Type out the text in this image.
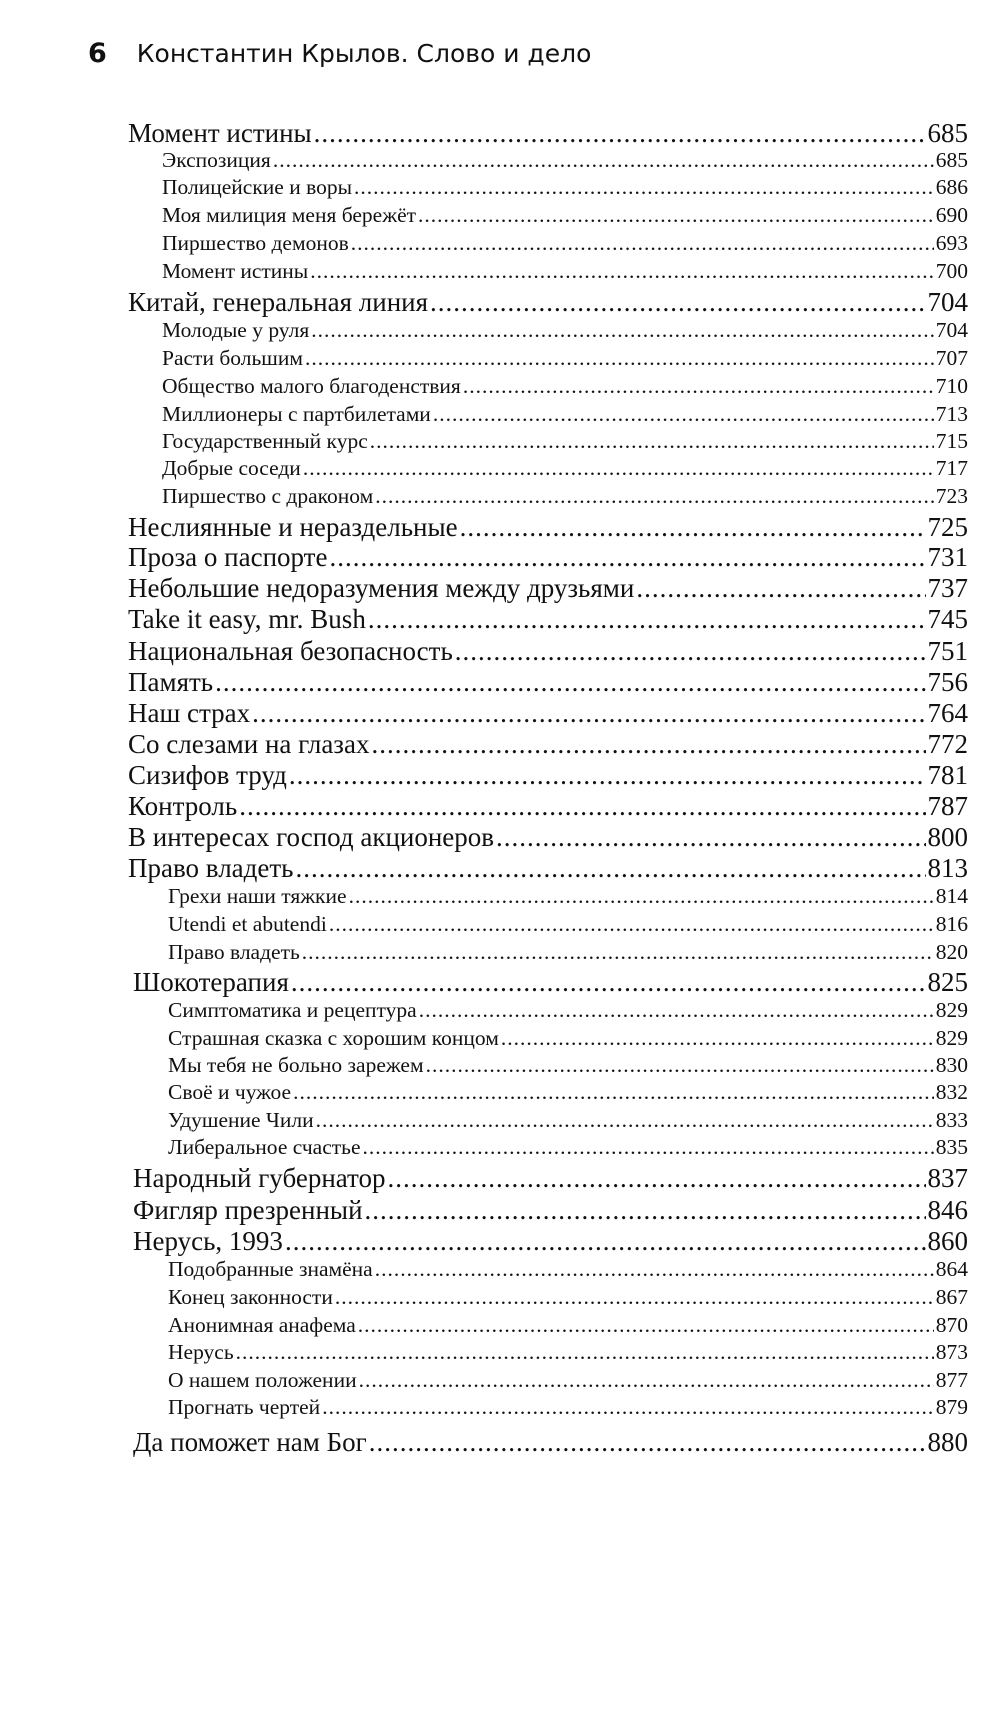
6 Константин Крылов. Слово и дело
Момент истины .....	685
Экспозиция .....	685
Полицейские и воры .....	686
Моя милиция меня бережёт .....	690
Пиршество демонов .....	693
Момент истины .....	700
Китай, генеральная линия .....	704
Молодые у руля .....	704
Расти большим .....	707
Общество малого благоденствия .....	710
Миллионеры с партбилетами .....	713
Государственный курс .....	715
Добрые соседи .....	717
Пиршество с драконом .....	723
Неслиянные и нераздельные .....	725
Проза о паспорте .....	731
Небольшие недоразумения между друзьями .....	737
Take it easy, mr. Bush .....	745
Национальная безопасность .....	751
Память .....	756
Наш страх .....	764
Со слезами на глазах .....	772
Сизифов труд .....	781
Контроль .....	787
В интересах господ акционеров .....	800
Право владеть .....	813
Грехи наши тяжкие .....	814
Utendi et abutendi .....	816
Право владеть .....	820
Шокотерапия .....	825
Симптоматика и рецептура .....	829
Страшная сказка с хорошим концом .....	829
Мы тебя не больно зарежем .....	830
Своё и чужое .....	832
Удушение Чили .....	833
Либеральное счастье .....	835
Народный губернатор .....	837
Фигляр презренный .....	846
Нерусь, 1993 .....	860
Подобранные знамёна .....	864
Конец законности .....	867
Анонимная анафема .....	870
Нерусь .....	873
О нашем положении .....	877
Прогнать чертей .....	879
Да поможет нам Бог .....	880
